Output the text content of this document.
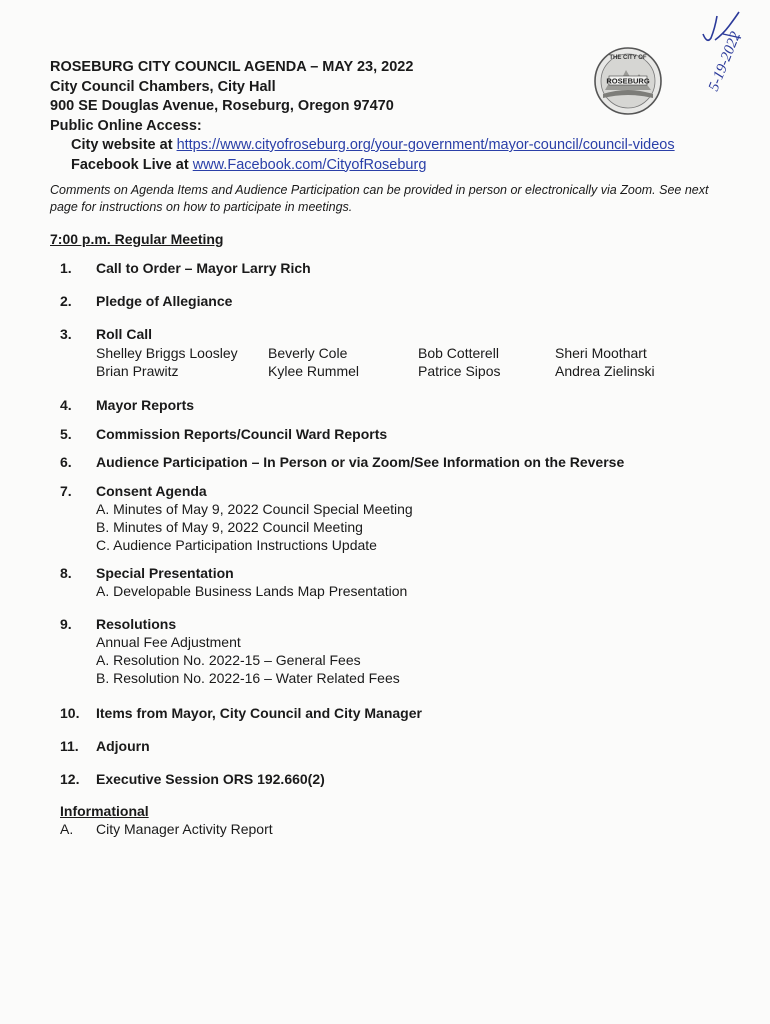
ROSEBURG CITY COUNCIL AGENDA – MAY 23, 2022
City Council Chambers, City Hall
900 SE Douglas Avenue, Roseburg, Oregon 97470
Public Online Access:
City website at https://www.cityofroseburg.org/your-government/mayor-council/council-videos
Facebook Live at www.Facebook.com/CityofRoseburg
THE CITY OF
ROSEBURG	5-19-2022
Comments on Agenda Items and Audience Participation can be provided in person or electronically via Zoom. See next page for instructions on how to participate in meetings.
7:00 p.m. Regular Meeting
1. Call to Order – Mayor Larry Rich
2. Pledge of Allegiance
3. Roll Call
Shelley Briggs Loosley
Brian Prawitz
Beverly Cole
Kylee Rummel
Bob Cotterell
Patrice Sipos
Sheri Moothart
Andrea Zielinski
4. Mayor Reports
5. Commission Reports/Council Ward Reports
6. Audience Participation – In Person or via Zoom/See Information on the Reverse
7. Consent Agenda
A. Minutes of May 9, 2022 Council Special Meeting
B. Minutes of May 9, 2022 Council Meeting
C. Audience Participation Instructions Update
8. Special Presentation
A. Developable Business Lands Map Presentation
9. Resolutions
Annual Fee Adjustment
A. Resolution No. 2022-15 – General Fees
B. Resolution No. 2022-16 – Water Related Fees
10. Items from Mayor, City Council and City Manager
11. Adjourn
12. Executive Session ORS 192.660(2)
Informational
A. City Manager Activity Report
